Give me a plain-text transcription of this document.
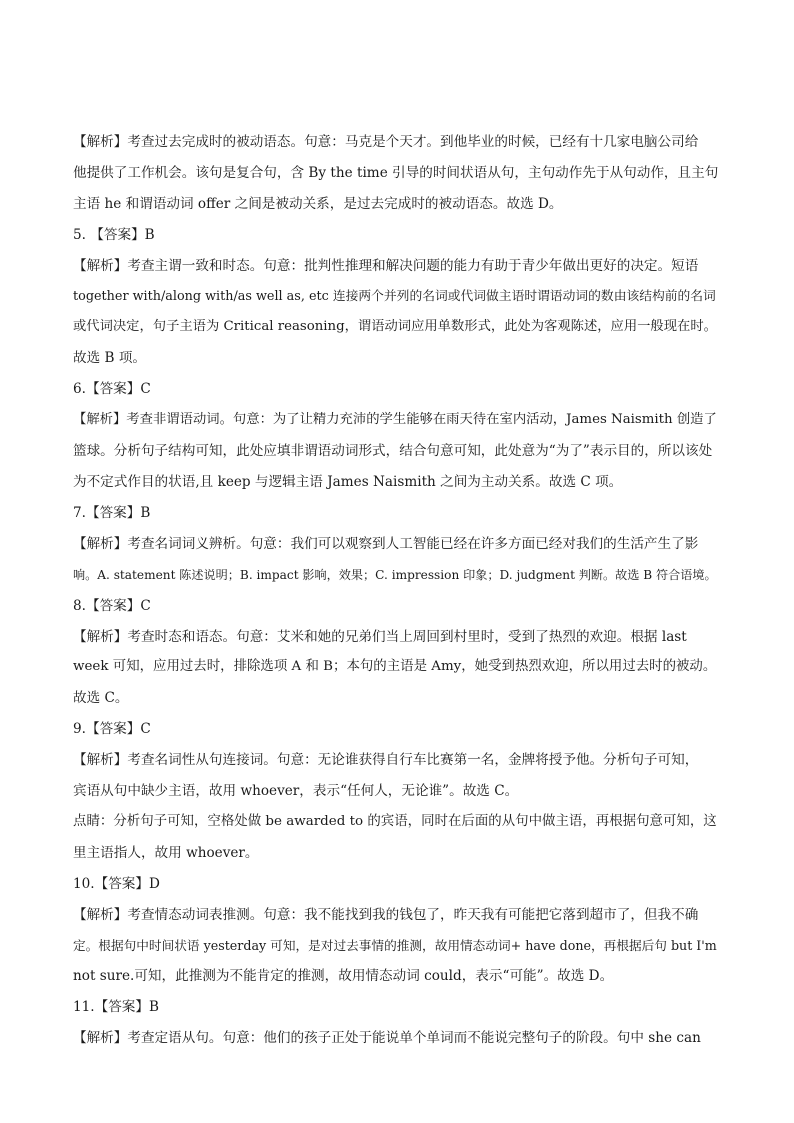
【解析】考查过去完成时的被动语态。句意：马克是个天才。到他毕业的时候，已经有十几家电脑公司给

他提供了工作机会。该句是复合句，含 By the time 引导的时间状语从句，主句动作先于从句动作，且主句

主语 he 和谓语动词 offer 之间是被动关系，是过去完成时的被动语态。故选 D。

5. 【答案】B

【解析】考查主谓一致和时态。句意：批判性推理和解决问题的能力有助于青少年做出更好的决定。短语

together with/along with/as well as, etc 连接两个并列的名词或代词做主语时谓语动词的数由该结构前的名词

或代词决定，句子主语为 Critical reasoning，谓语动词应用单数形式，此处为客观陈述，应用一般现在时。

故选 B 项。

6.【答案】C

【解析】考查非谓语动词。句意：为了让精力充沛的学生能够在雨天待在室内活动，James Naismith 创造了

篮球。分析句子结构可知，此处应填非谓语动词形式，结合句意可知，此处意为“为了”表示目的，所以该处

为不定式作目的状语,且 keep 与逻辑主语 James Naismith 之间为主动关系。故选 C 项。

7.【答案】B

【解析】考查名词词义辨析。句意：我们可以观察到人工智能已经在许多方面已经对我们的生活产生了影

响。A. statement 陈述说明；B. impact 影响，效果；C. impression 印象；D. judgment 判断。故选 B 符合语境。

8.【答案】C

【解析】考查时态和语态。句意：艾米和她的兄弟们当上周回到村里时，受到了热烈的欢迎。根据 last

week 可知，应用过去时，排除选项 A 和 B；本句的主语是 Amy，她受到热烈欢迎，所以用过去时的被动。

故选 C。

9.【答案】C

【解析】考查名词性从句连接词。句意：无论谁获得自行车比赛第一名，金牌将授予他。分析句子可知，

宾语从句中缺少主语，故用 whoever，表示“任何人，无论谁”。故选 C。

点睛：分析句子可知，空格处做 be awarded to 的宾语，同时在后面的从句中做主语，再根据句意可知，这

里主语指人，故用 whoever。

10.【答案】D

【解析】考查情态动词表推测。句意：我不能找到我的钱包了，昨天我有可能把它落到超市了，但我不确

定。根据句中时间状语 yesterday 可知，是对过去事情的推测，故用情态动词+ have done，再根据后句 but I'm

not sure.可知，此推测为不能肯定的推测，故用情态动词 could，表示“可能”。故选 D。

11.【答案】B

【解析】考查定语从句。句意：他们的孩子正处于能说单个单词而不能说完整句子的阶段。句中 she can
